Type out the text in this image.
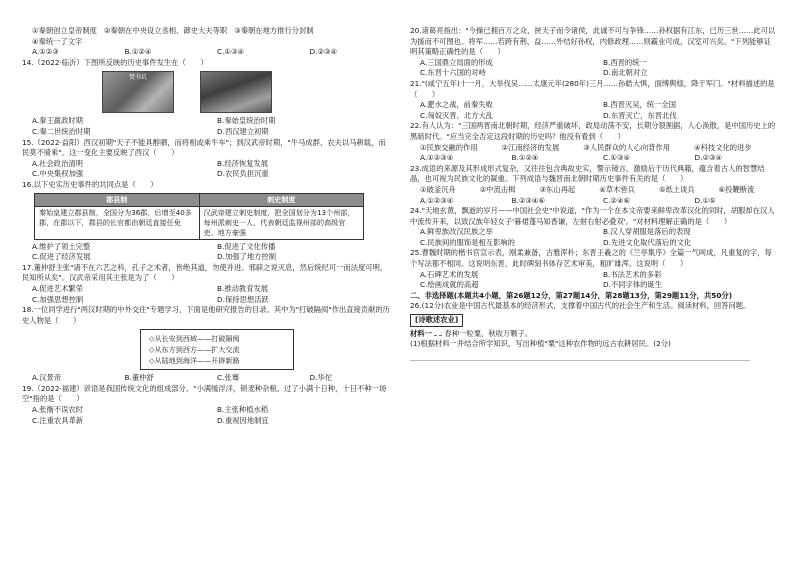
①秦朝创立皇帝制度 ②秦朝在中央设立丞相、御史大夫等职 ③秦朝在地方推行分封制
④秦统一了文字
A.①②③	B.①②④	C.①③④	D.②③④
14.（2022·临沂）下图所反映的历史事件发生在（　　）
焚书坑
A.秦王嬴政时期	B.秦始皇统治时期
C.秦二世统治时期	D.西汉建立初期
15.（2022·益阳）西汉初期"天子不能具醇驷，而将相或乘牛车"；到汉武帝时期，"牛马成群，农夫以马耕载，而民莫不骑乘"。这一变化主要反映了西汉（　　）
A.社会政治清明	B.经济恢复发展
C.中央集权加强	D.农民负担沉重
16.以下史实历史事件的共同点是（　　）
郡县制	刺史制度
秦始皇建立郡县制，全国分为36郡，后增至40多郡，在郡以下，郡县的长官都由朝廷直接任免	汉武帝建立刺史制度，把全国划分为13个州部，每州派刺史一人，代表朝廷监视州部的高级官吏、地方豪强
A.维护了领土完整	B.促进了文化传播
C.促进了经济发展	D.加强了地方控制
17.董仲舒主张"诸不在六艺之科，孔子之术者，皆绝其道，勿使并进。邪辟之说灭息，然后统纪可一而法度可明，民知所从矣"。汉武帝采用其主张是为了（　　）
A.促进艺术繁荣	B.推动教育发展
C.加强思想控制	D.保持思想活跃
18.一位同学进行"两汉时期的中外交往"专题学习，下面是他研究报告的目录。其中为"打破隔阂"作出直接贡献的历史人物是（　　）
◇从长安到西域——打破隔阂
◇从东方到西方——扩大交流
◇从陆地到海洋——开辟新路
A.汉景帝	B.董仲舒	C.张骞	D.华佗
19.（2022·福建）谚语是我国传统文化的组成部分。"小满缓浮洋，锁麦种杂粮。过了小满十日种，十日不种一场空"指的是（　　）
A.张衡不误农时	B.主张种植水稻
C.注重农具革新	D.重视因地制宜
20.诸葛亮指出："今操已拥百万之众，挟天子而令诸侯，此诚不可与争锋……孙权据有江东，已历三世……此可以为援而不可图也。将军……若跨有荆、益……外结好孙权，内修政理……则霸业可成，汉室可兴矣。"下列能够证明其策略正确性的是（　　）
A.三国鼎立局面的形成	B.西晋的统一
C.东晋十六国的对峙	D.南北朝对立
21."(咸宁五年)十一月，大举伐吴……太康元年(280年)三月……孙皓大惧，面缚舆榇，降于军门。"材料描述的是（　　）
A.淝水之战，前秦失败	B.西晋灭吴，统一全国
C.匈奴灭晋，北方大乱	D.东晋灭亡，东晋北伐
22.有人认为："三国两晋南北朝时期，经济严重破坏，政局动荡不安，长期分裂割据，人心涣散，是中国历史上的黑暗时代。"应当完全否定这段时期的历史吗？他没有看到（　　）
①民族交融的作用	②江南经济的发展	③人民群众的人心向背作用	④科技文化的进步
A.①②③④	B.①②④	C.①③④	D.②③④
23.成语的来源及其形成形式复杂，又往往包含典故史实，警示镜言，激励后于历代典籍，蕴含着古人的智慧结晶，也可视为民族文化的凝重。下列成语与魏晋南北朝时期历史事件有关的是（　　）
①破釜沉舟	②中流击楫	③东山再起	④草木皆兵	⑤纸上谈兵	⑥投鞭断流
A.①②③④	B.②③④⑥	C.②④⑥	D.①⑤
24."天地玄黄，飘逝的岁月——中国社会史"中说道，"作为一个在本文帝要来鲜卑改革汉化的同时，胡服却在汉人中流传开来，以致汉族年轻女子'暮裙蓬马知香谦，左射右射必叠双'。"对材料理解正确的是（　　）
A.鲜卑族改汉民族之举	B.汉人穿胡服是落后的表现
C.民族间的服饰是相互影响的	D.先进文化取代落后的文化
25.曹魏时期的楷书官宣示表，刚柔兼备，古雅浑朴；东晋王羲之的《兰亭集序》全篇一气呵成，凡重复的字，每个写法都不相同。这说明东晋，此时碑刻书体存艺术审美，粗旷雄浑。这说明（　　）
A.石碑艺术的发展	B.书法艺术的多彩
C.绘画成就的高超	D.不同字体的诞生
二、非选择题(本题共4小题，第26题12分，第27题14分，第28题13分，第29题11分，共50分)
26.(12分)农业是中国古代最基本的经济形式，支撑着中国古代的社会生产和生活。阅读材料，回答问题。
[诗歌述农业]
材料一 春种一粒粟，秋收万颗子。
(1)根据材料一并结合所学知识，写出种植"粟"这种农作物的远古农耕居民。(2分)
